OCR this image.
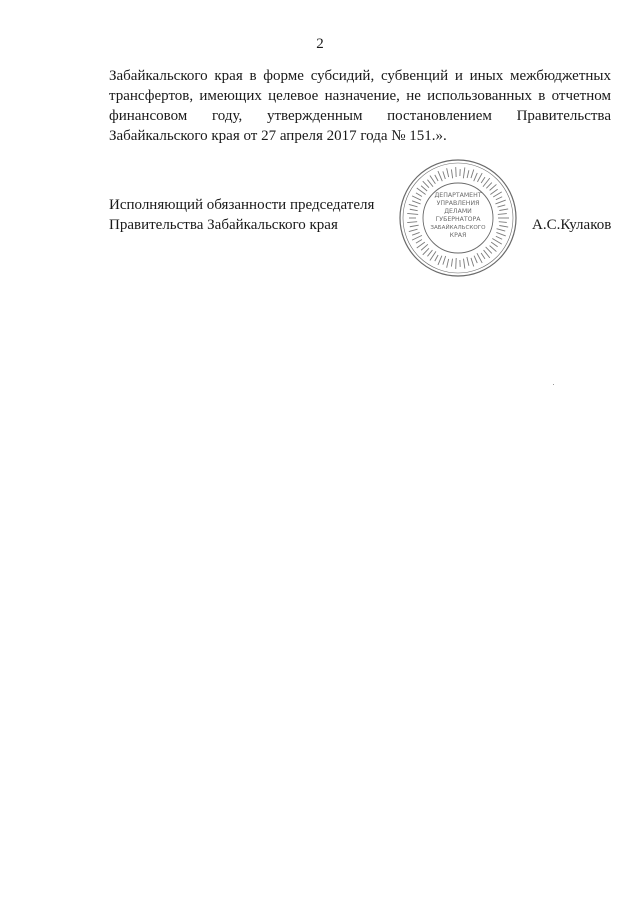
2
Забайкальского края в форме субсидий, субвенций и иных межбюджетных
трансфертов, имеющих целевое назначение, не использованных в отчетном
финансовом году, утвержденным постановлением Правительства
Забайкальского края от 27 апреля 2017 года № 151.».
Исполняющий обязанности председателя
Правительства Забайкальского края
ДЕПАРТАМЕНТ
УПРАВЛЕНИЯ
ДЕЛАМИ
ГУБЕРНАТОРА
ЗАБАЙКАЛЬСКОГО
КРАЯ
А.С.Кулаков
